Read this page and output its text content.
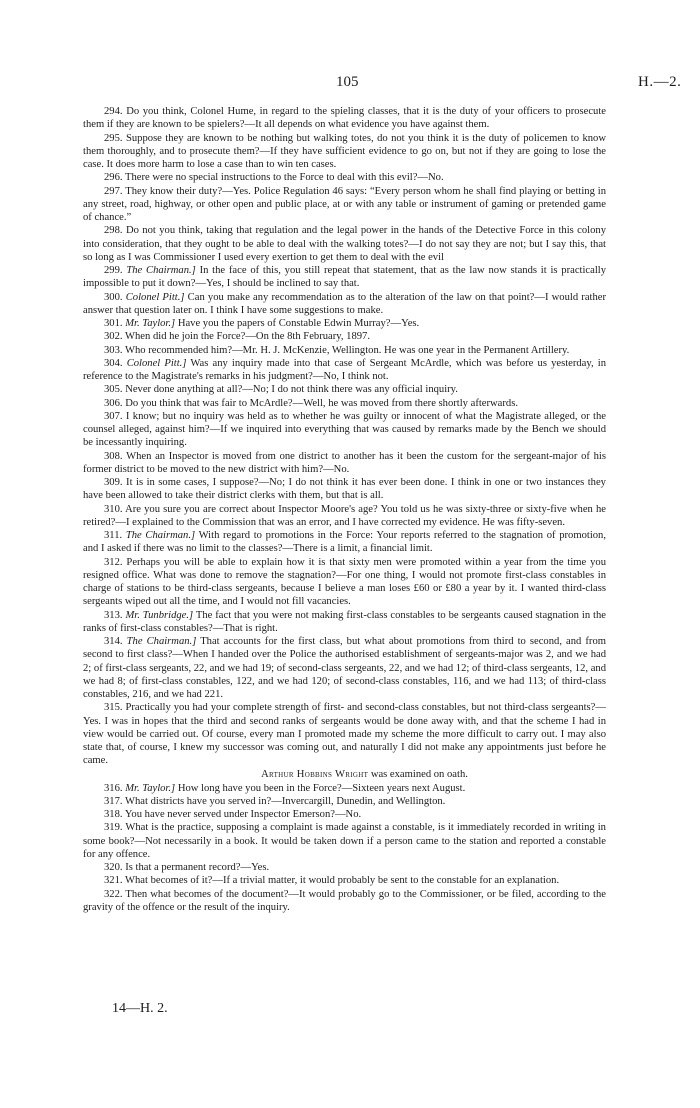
105	H.—2.

294. Do you think, Colonel Hume, in regard to the spieling classes, that it is the duty of your officers to prosecute them if they are known to be spielers?—It all depends on what evidence you have against them.

295. Suppose they are known to be nothing but walking totes, do not you think it is the duty of policemen to know them thoroughly, and to prosecute them?—If they have sufficient evidence to go on, but not if they are going to lose the case. It does more harm to lose a case than to win ten cases.

296. There were no special instructions to the Force to deal with this evil?—No.

297. They know their duty?—Yes. Police Regulation 46 says: “Every person whom he shall find playing or betting in any street, road, highway, or other open and public place, at or with any table or instrument of gaming or pretended game of chance.”

298. Do not you think, taking that regulation and the legal power in the hands of the Detective Force in this colony into consideration, that they ought to be able to deal with the walking totes?—I do not say they are not; but I say this, that so long as I was Commissioner I used every exertion to get them to deal with the evil

299. The Chairman.] In the face of this, you still repeat that statement, that as the law now stands it is practically impossible to put it down?—Yes, I should be inclined to say that.

300. Colonel Pitt.] Can you make any recommendation as to the alteration of the law on that point?—I would rather answer that question later on. I think I have some suggestions to make.

301. Mr. Taylor.] Have you the papers of Constable Edwin Murray?—Yes.

302. When did he join the Force?—On the 8th February, 1897.

303. Who recommended him?—Mr. H. J. McKenzie, Wellington. He was one year in the Permanent Artillery.

304. Colonel Pitt.] Was any inquiry made into that case of Sergeant McArdle, which was before us yesterday, in reference to the Magistrate's remarks in his judgment?—No, I think not.

305. Never done anything at all?—No; I do not think there was any official inquiry.

306. Do you think that was fair to McArdle?—Well, he was moved from there shortly afterwards.

307. I know; but no inquiry was held as to whether he was guilty or innocent of what the Magistrate alleged, or the counsel alleged, against him?—If we inquired into everything that was caused by remarks made by the Bench we should be incessantly inquiring.

308. When an Inspector is moved from one district to another has it been the custom for the sergeant-major of his former district to be moved to the new district with him?—No.

309. It is in some cases, I suppose?—No; I do not think it has ever been done. I think in one or two instances they have been allowed to take their district clerks with them, but that is all.

310. Are you sure you are correct about Inspector Moore's age? You told us he was sixty-three or sixty-five when he retired?—I explained to the Commission that was an error, and I have corrected my evidence. He was fifty-seven.

311. The Chairman.] With regard to promotions in the Force: Your reports referred to the stagnation of promotion, and I asked if there was no limit to the classes?—There is a limit, a financial limit.

312. Perhaps you will be able to explain how it is that sixty men were promoted within a year from the time you resigned office. What was done to remove the stagnation?—For one thing, I would not promote first-class constables in charge of stations to be third-class sergeants, because I believe a man loses £60 or £80 a year by it. I wanted third-class sergeants wiped out all the time, and I would not fill vacancies.

313. Mr. Tunbridge.] The fact that you were not making first-class constables to be sergeants caused stagnation in the ranks of first-class constables?—That is right.

314. The Chairman.] That accounts for the first class, but what about promotions from third to second, and from second to first class?—When I handed over the Police the authorised establishment of sergeants-major was 2, and we had 2; of first-class sergeants, 22, and we had 19; of second-class sergeants, 22, and we had 12; of third-class sergeants, 12, and we had 8; of first-class constables, 122, and we had 120; of second-class constables, 116, and we had 113; of third-class constables, 216, and we had 221.

315. Practically you had your complete strength of first- and second-class constables, but not third-class sergeants?—Yes. I was in hopes that the third and second ranks of sergeants would be done away with, and that the scheme I had in view would be carried out. Of course, every man I promoted made my scheme the more difficult to carry out. I may also state that, of course, I knew my successor was coming out, and naturally I did not make any appointments just before he came.

Arthur Hobbins Wright was examined on oath.

316. Mr. Taylor.] How long have you been in the Force?—Sixteen years next August.

317. What districts have you served in?—Invercargill, Dunedin, and Wellington.

318. You have never served under Inspector Emerson?—No.

319. What is the practice, supposing a complaint is made against a constable, is it immediately recorded in writing in some book?—Not necessarily in a book. It would be taken down if a person came to the station and reported a constable for any offence.

320. Is that a permanent record?—Yes.

321. What becomes of it?—If a trivial matter, it would probably be sent to the constable for an explanation.

322. Then what becomes of the document?—It would probably go to the Commissioner, or be filed, according to the gravity of the offence or the result of the inquiry.

14—H. 2.
